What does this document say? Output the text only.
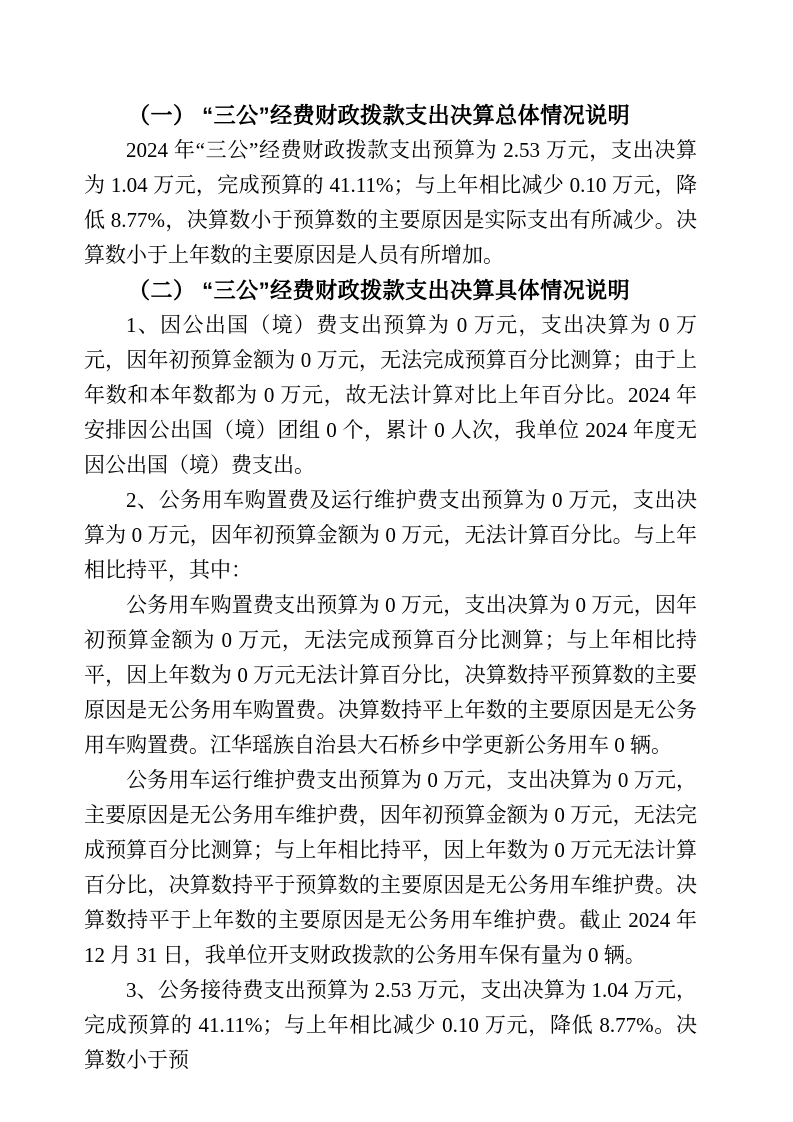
（一） “三公”经费财政拨款支出决算总体情况说明

2024 年“三公”经费财政拨款支出预算为 2.53 万元，支出决算为 1.04 万元，完成预算的 41.11%；与上年相比减少 0.10 万元，降低 8.77%，决算数小于预算数的主要原因是实际支出有所减少。决算数小于上年数的主要原因是人员有所增加。

（二） “三公”经费财政拨款支出决算具体情况说明

1、因公出国（境）费支出预算为 0 万元，支出决算为 0 万元，因年初预算金额为 0 万元，无法完成预算百分比测算；由于上年数和本年数都为 0 万元，故无法计算对比上年百分比。2024 年安排因公出国（境）团组 0 个，累计 0 人次，我单位 2024 年度无因公出国（境）费支出。

2、公务用车购置费及运行维护费支出预算为 0 万元，支出决算为 0 万元，因年初预算金额为 0 万元，无法计算百分比。与上年相比持平，其中：

公务用车购置费支出预算为 0 万元，支出决算为 0 万元，因年初预算金额为 0 万元，无法完成预算百分比测算；与上年相比持平，因上年数为 0 万元无法计算百分比，决算数持平预算数的主要原因是无公务用车购置费。决算数持平上年数的主要原因是无公务用车购置费。江华瑶族自治县大石桥乡中学更新公务用车 0 辆。

公务用车运行维护费支出预算为 0 万元，支出决算为 0 万元，主要原因是无公务用车维护费，因年初预算金额为 0 万元，无法完成预算百分比测算；与上年相比持平，因上年数为 0 万元无法计算百分比，决算数持平于预算数的主要原因是无公务用车维护费。决算数持平于上年数的主要原因是无公务用车维护费。截止 2024 年 12 月 31 日，我单位开支财政拨款的公务用车保有量为 0 辆。

3、公务接待费支出预算为 2.53 万元，支出决算为 1.04 万元，完成预算的 41.11%；与上年相比减少 0.10 万元，降低 8.77%。决算数小于预
